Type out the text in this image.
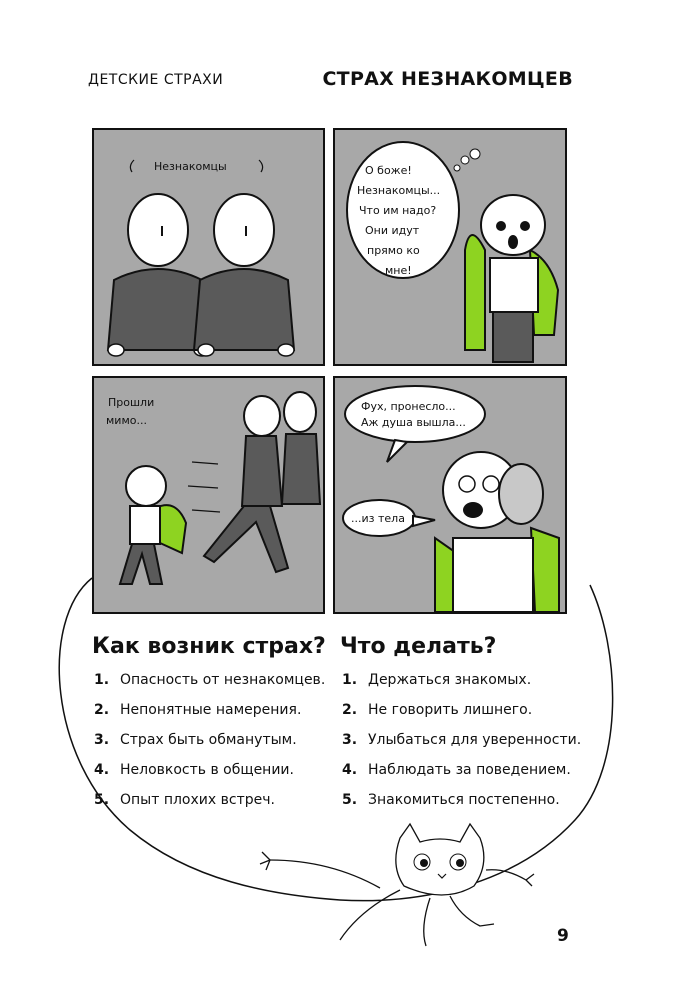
ДЕТСКИЕ СТРАХИ	СТРАХ НЕЗНАКОМЦЕВ
Незнакомцы	О боже!
Незнакомцы...
Что им надо?
Они идут
прямо ко
мне!
Прошли
мимо...
Фух, пронесло...
Аж душа вышла...
...из тела
Как возник страх?
1. Опасность от незнакомцев.
2. Непонятные намерения.
3. Страх быть обманутым.
4. Неловкость в общении.
5. Опыт плохих встреч.
Что делать?
1. Держаться знакомых.
2. Не говорить лишнего.
3. Улыбаться для уверенности.
4. Наблюдать за поведением.
5. Знакомиться постепенно.
9
